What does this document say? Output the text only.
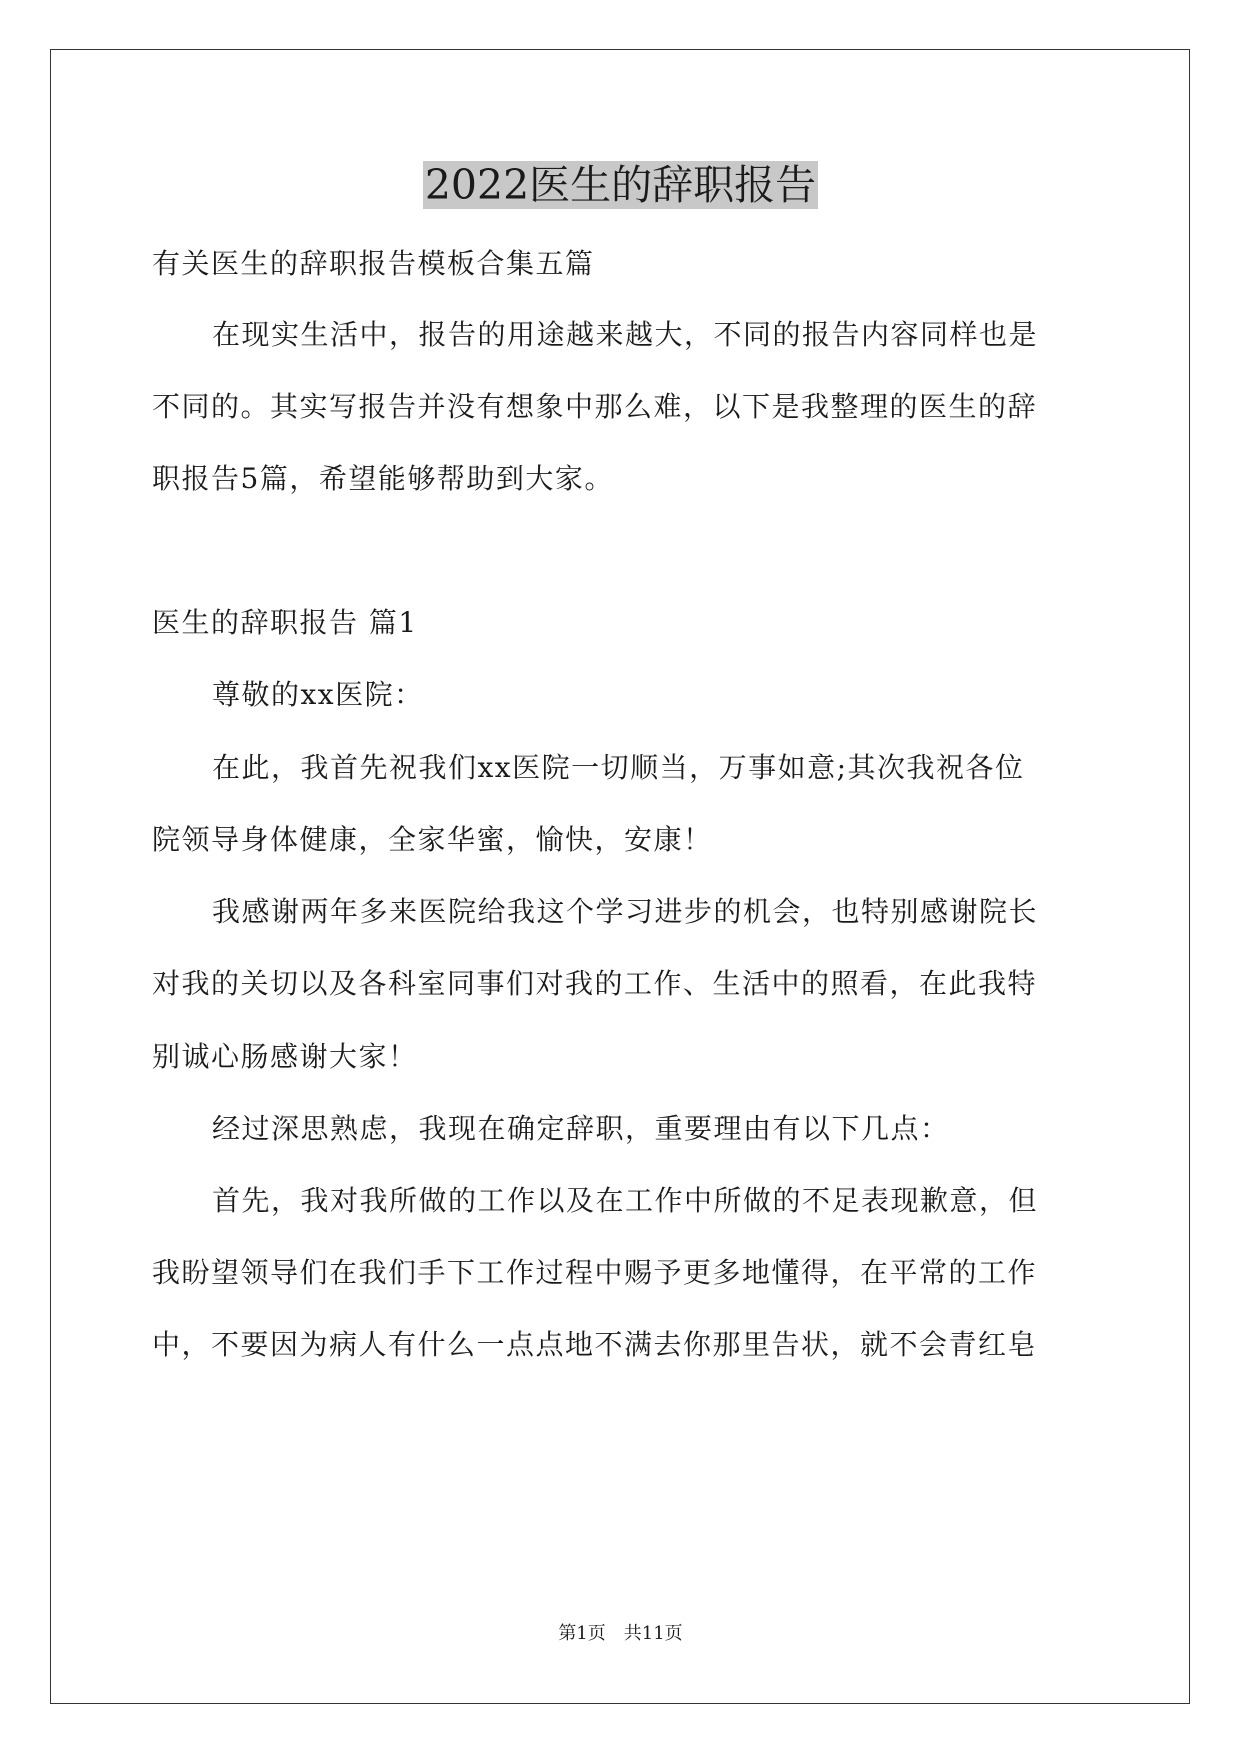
2022医生的辞职报告

有关医生的辞职报告模板合集五篇

在现实生活中，报告的用途越来越大，不同的报告内容同样也是

不同的。其实写报告并没有想象中那么难，以下是我整理的医生的辞

职报告5篇，希望能够帮助到大家。

医生的辞职报告 篇1

尊敬的xx医院：

在此，我首先祝我们xx医院一切顺当，万事如意;其次我祝各位

院领导身体健康，全家华蜜，愉快，安康！

我感谢两年多来医院给我这个学习进步的机会，也特别感谢院长

对我的关切以及各科室同事们对我的工作、生活中的照看，在此我特

别诚心肠感谢大家！

经过深思熟虑，我现在确定辞职，重要理由有以下几点：

首先，我对我所做的工作以及在工作中所做的不足表现歉意，但

我盼望领导们在我们手下工作过程中赐予更多地懂得，在平常的工作

中，不要因为病人有什么一点点地不满去你那里告状，就不会青红皂

第1页 共11页
